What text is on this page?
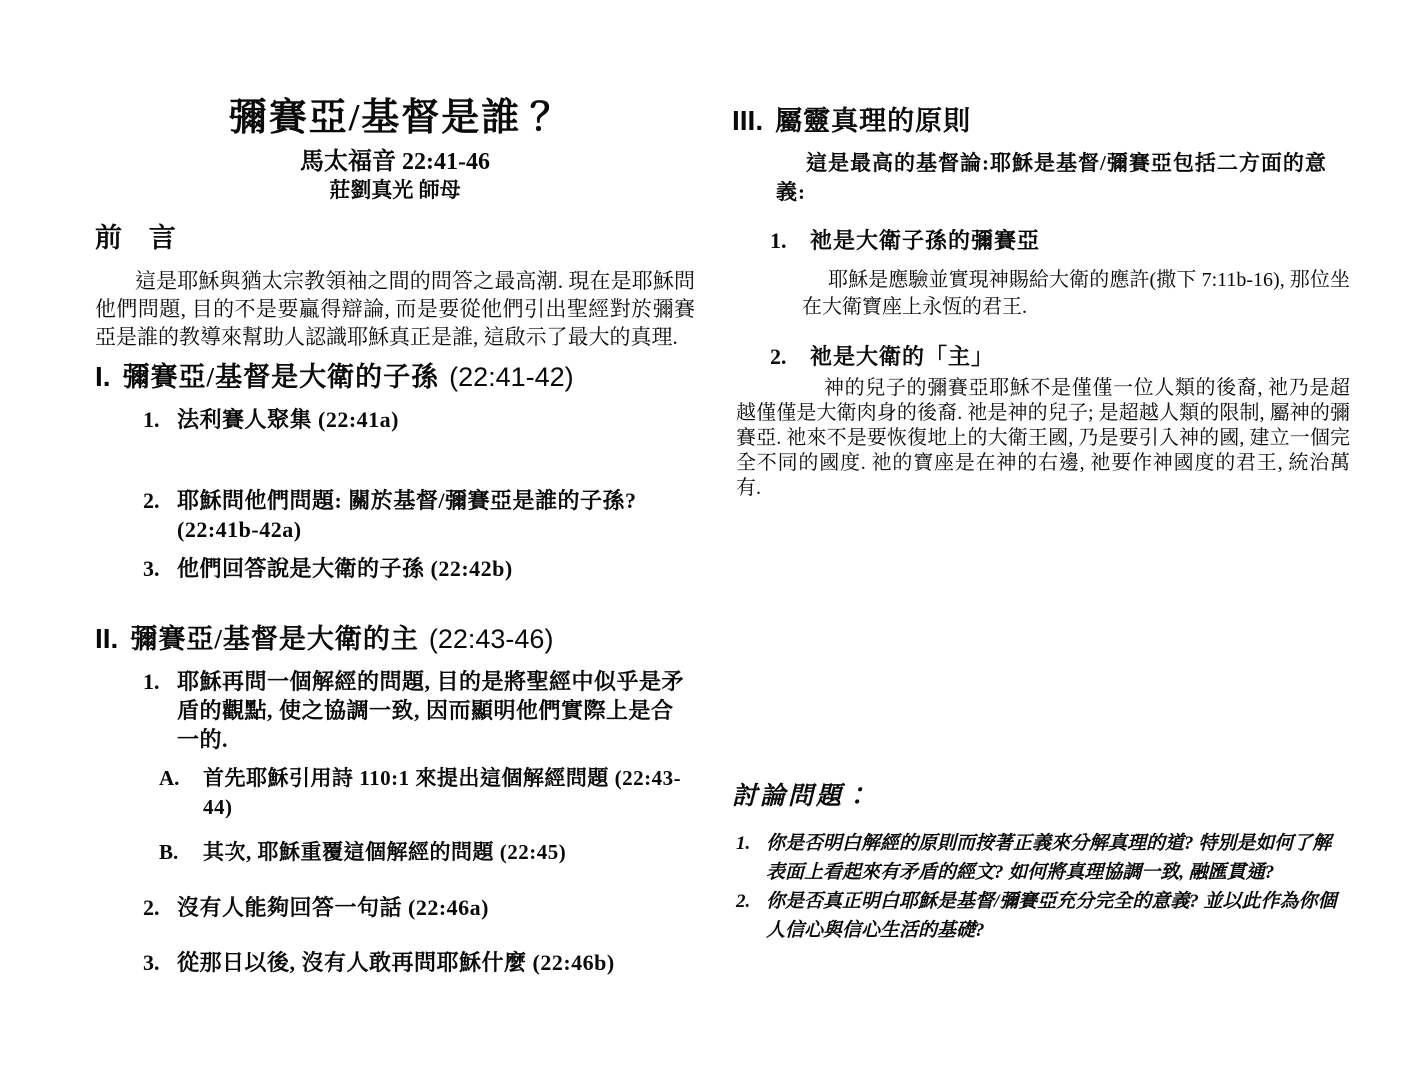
彌賽亞/基督是誰？
馬太福音 22:41-46
莊劉真光 師母
前 言

這是耶穌與猶太宗教領袖之間的問答之最高潮. 現在是耶穌問他們問題, 目的不是要贏得辯論, 而是要從他們引出聖經對於彌賽亞是誰的教導來幫助人認識耶穌真正是誰, 這啟示了最大的真理.

I. 彌賽亞/基督是大衛的子孫 (22:41-42)
1. 法利賽人聚集 (22:41a)
2. 耶穌問他們問題: 關於基督/彌賽亞是誰的子孫? (22:41b-42a)
3. 他們回答說是大衛的子孫 (22:42b)
II. 彌賽亞/基督是大衛的主 (22:43-46)
1. 耶穌再問一個解經的問題, 目的是將聖經中似乎是矛盾的觀點, 使之協調一致, 因而顯明他們實際上是合一的.
A.	首先耶穌引用詩 110:1 來提出這個解經問題 (22:43-44)
B.	其次, 耶穌重覆這個解經的問題 (22:45)
2. 沒有人能夠回答一句話 (22:46a)
3. 從那日以後, 沒有人敢再問耶穌什麼 (22:46b)
III. 屬靈真理的原則

這是最高的基督論:耶穌是基督/彌賽亞包括二方面的意義:

1.	祂是大衛子孫的彌賽亞

耶穌是應驗並實現神賜給大衛的應許(撒下 7:11b-16), 那位坐在大衛寶座上永恆的君王.

2.	祂是大衛的「主」

神的兒子的彌賽亞耶穌不是僅僅一位人類的後裔, 祂乃是超越僅僅是大衛肉身的後裔. 祂是神的兒子; 是超越人類的限制, 屬神的彌賽亞. 祂來不是要恢復地上的大衛王國, 乃是要引入神的國, 建立一個完全不同的國度. 祂的寶座是在神的右邊, 祂要作神國度的君王, 統治萬有.

討論問題：
1. 你是否明白解經的原則而按著正義來分解真理的道? 特別是如何了解表面上看起來有矛盾的經文? 如何將真理協調一致, 融匯貫通?
2. 你是否真正明白耶穌是基督/彌賽亞充分完全的意義? 並以此作為你個人信心與信心生活的基礎?
